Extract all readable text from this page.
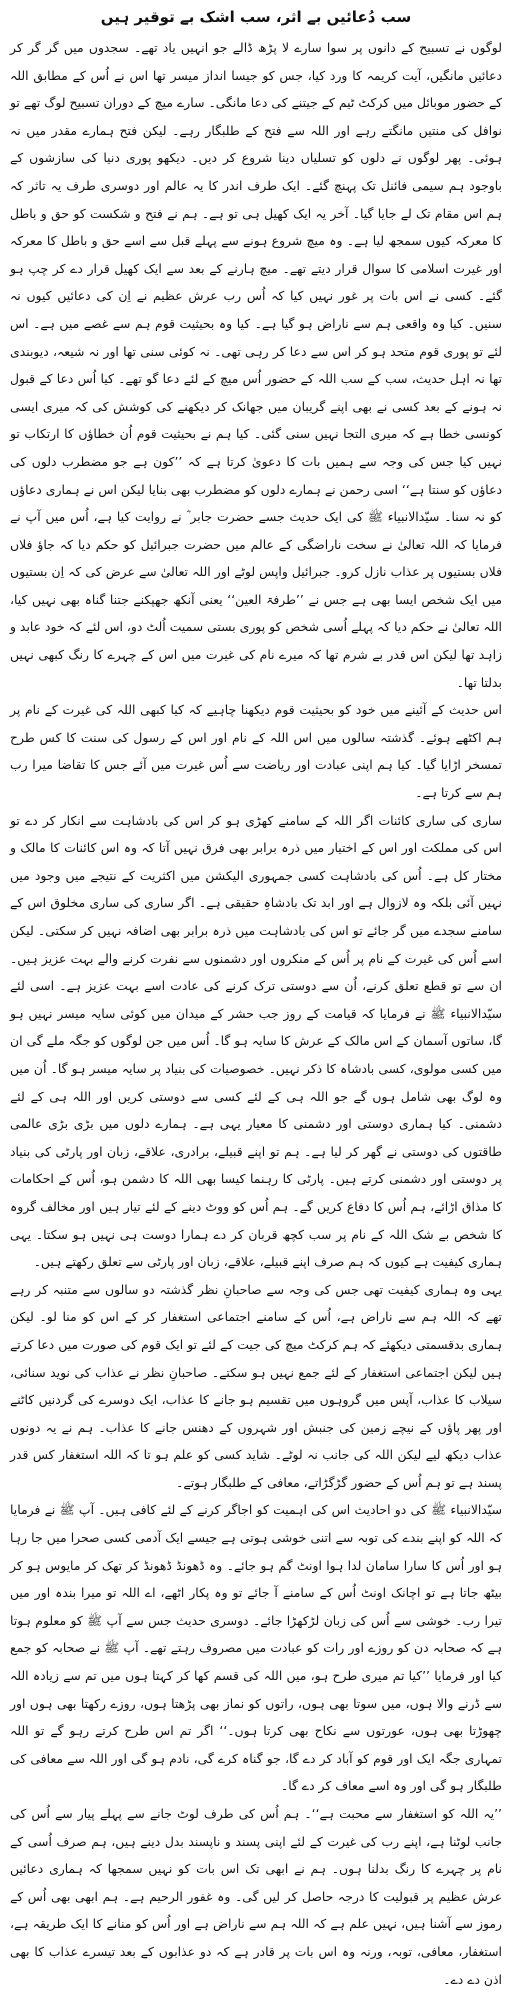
سب دُعائیں بے اثر، سب اشک بے توقیر ہیں

لوگوں نے تسبیح کے دانوں پر سوا سارے لا پڑھ ڈالے جو انہیں یاد تھے۔ سجدوں میں گر گر کر دعائیں مانگیں، آیت کریمہ کا ورد کیا، جس کو جیسا انداز میسر تھا اس نے اُس کے مطابق اللہ کے حضور موبائل میں کرکٹ ٹیم کے جیتنے کی دعا مانگی۔ سارے میچ کے دوران تسبیح لوگ تھے تو نوافل کی منتیں مانگتے رہے اور اللہ سے فتح کے طلبگار رہے۔ لیکن فتح ہمارے مقدر میں نہ ہوئی۔ پھر لوگوں نے دلوں کو تسلیاں دینا شروع کر دیں۔ دیکھو پوری دنیا کی سازشوں کے باوجود ہم سیمی فائنل تک پہنچ گئے۔ ایک طرف اندر کا یہ عالم اور دوسری طرف یہ تاثر کہ ہم اس مقام تک لے جایا گیا۔ آخر یہ ایک کھیل ہی تو ہے۔ ہم نے فتح و شکست کو حق و باطل کا معرکہ کیوں سمجھ لیا ہے۔ وہ میچ شروع ہونے سے پہلے قبل سے اسے حق و باطل کا معرکہ اور غیرت اسلامی کا سوال قرار دیتے تھے۔ میچ ہارنے کے بعد سے ایک کھیل قرار دے کر چپ ہو گئے۔ کسی نے اس بات پر غور نہیں کیا کہ اُس رب عرش عظیم نے اِن کی دعائیں کیوں نہ سنیں۔ کیا وہ واقعی ہم سے ناراض ہو گیا ہے۔ کیا وہ بحیثیت قوم ہم سے غصے میں ہے۔ اس لئے تو پوری قوم متحد ہو کر اس سے دعا کر رہی تھی۔ نہ کوئی سنی تھا اور نہ شیعہ، دیوبندی تھا نہ اہل حدیث، سب کے سب اللہ کے حضور اُس میچ کے لئے دعا گو تھے۔ کیا اُس دعا کے قبول نہ ہونے کے بعد کسی نے بھی اپنے گریبان میں جھانک کر دیکھنے کی کوشش کی کہ میری ایسی کونسی خطا ہے کہ میری التجا نہیں سنی گئی۔ کیا ہم نے بحیثیت قوم اُن خطاؤں کا ارتکاب تو نہیں کیا جس کی وجہ سے ہمیں بات کا دعویٰ کرتا ہے کہ ’’کون ہے جو مضطرب دلوں کی دعاؤں کو سنتا ہے‘‘ اسی رحمن نے ہمارے دلوں کو مضطرب بھی بنایا لیکن اس نے ہماری دعاؤں کو نہ سنا۔ سیّدالانبیاء ﷺ کی ایک حدیث جسے حضرت جابر ؓ نے روایت کیا ہے، اُس میں آپ نے فرمایا کہ اللہ تعالیٰ نے سخت ناراضگی کے عالم میں حضرت جبرائیل کو حکم دیا کہ جاؤ فلاں فلاں بستیوں پر عذاب نازل کرو۔ جبرائیل واپس لوٹے اور اللہ تعالیٰ سے عرض کی کہ اِن بستیوں میں ایک شخص ایسا بھی ہے جس نے ’’طرفۃ العین‘‘ یعنی آنکھ جھپکنے جتنا گناہ بھی نہیں کیا، اللہ تعالیٰ نے حکم دیا کہ پہلے اُسی شخص کو پوری بستی سمیت اُلٹ دو، اس لئے کہ خود عابد و زاہد تھا لیکن اس قدر بے شرم تھا کہ میرے نام کی غیرت میں اس کے چہرے کا رنگ کبھی نہیں بدلتا تھا۔

اس حدیث کے آئینے میں خود کو بحیثیت قوم دیکھنا چاہیے کہ کیا کبھی اللہ کی غیرت کے نام پر ہم اکٹھے ہوئے۔ گذشتہ سالوں میں اس اللہ کے نام اور اس کے رسول کی سنت کا کس طرح تمسخر اڑایا گیا۔ کیا ہم اپنی عبادت اور ریاضت سے اُس غیرت میں آئے جس کا تقاضا میرا رب ہم سے کرتا ہے۔

ساری کی ساری کائنات اگر اللہ کے سامنے کھڑی ہو کر اس کی بادشاہت سے انکار کر دے تو اس کی مملکت اور اس کے اختیار میں ذرہ برابر بھی فرق نہیں آتا کہ وہ اس کائنات کا مالک و مختار کل ہے۔ اُس کی بادشاہت کسی جمہوری الیکشن میں اکثریت کے نتیجے میں وجود میں نہیں آئی بلکہ وہ لازوال ہے اور ابد تک بادشاہِ حقیقی ہے۔ اگر ساری کی ساری مخلوق اس کے سامنے سجدے میں گر جائے تو اس کی بادشاہت میں ذرہ برابر بھی اضافہ نہیں کر سکتی۔ لیکن اسے اُس کی غیرت کے نام پر اُس کے منکروں اور دشمنوں سے نفرت کرنے والے بہت عزیز ہیں۔ ان سے تو قطع تعلق کرنے، اُن سے دوستی ترک کرنے کی عادت اسے بہت عزیز ہے۔ اسی لئے سیّدالانبیاء ﷺ نے فرمایا کہ قیامت کے روز جب حشر کے میدان میں کوئی سایہ میسر نہیں ہو گا، ساتوں آسمان کے اس مالک کے عرش کا سایہ ہو گا۔ اُس میں جن لوگوں کو جگہ ملے گی ان میں کسی مولوی، کسی بادشاہ کا ذکر نہیں۔ خصوصیات کی بنیاد پر سایہ میسر ہو گا۔ اُن میں وہ لوگ بھی شامل ہوں گے جو اللہ ہی کے لئے کسی سے دوستی کریں اور اللہ ہی کے لئے دشمنی۔ کیا ہماری دوستی اور دشمنی کا معیار یہی ہے۔ ہمارے دلوں میں بڑی بڑی عالمی طاقتوں کی دوستی نے گھر کر لیا ہے۔ ہم تو اپنے قبیلے، برادری، علاقے، زبان اور پارٹی کی بنیاد پر دوستی اور دشمنی کرتے ہیں۔ پارٹی کا رہنما کیسا بھی اللہ کا دشمن ہو، اُس کے احکامات کا مذاق اڑائے، ہم اُس کا دفاع کریں گے۔ ہم اُس کو ووٹ دینے کے لئے تیار ہیں اور مخالف گروہ کا شخص بے شک اللہ کے نام پر سب کچھ قربان کر دے ہمارا دوست ہی نہیں ہو سکتا۔ یہی ہماری کیفیت ہے کیوں کہ ہم صرف اپنے قبیلے، علاقے، زبان اور پارٹی سے تعلق رکھتے ہیں۔

یہی وہ ہماری کیفیت تھی جس کی وجہ سے صاحبانِ نظر گذشتہ دو سالوں سے متنبہ کر رہے تھے کہ اللہ ہم سے ناراض ہے، اُس کے سامنے اجتماعی استغفار کر کے اس کو منا لو۔ لیکن ہماری بدقسمتی دیکھئے کہ ہم کرکٹ میچ کی جیت کے لئے تو ایک قوم کی صورت میں دعا کرتے ہیں لیکن اجتماعی استغفار کے لئے جمع نہیں ہو سکتے۔ صاحبانِ نظر نے عذاب کی نوید سنائی، سیلاب کا عذاب، آپس میں گروہوں میں تقسیم ہو جانے کا عذاب، ایک دوسرے کی گردنیں کاٹنے اور پھر پاؤں کے نیچے زمین کی جنبش اور شہروں کے دھنس جانے کا عذاب۔ ہم نے یہ دونوں عذاب دیکھ لیے لیکن اللہ کی جانب نہ لوٹے۔ شاید کسی کو علم ہو تا کہ اللہ استغفار کس قدر پسند ہے تو ہم اُس کے حضور گڑگڑاتے، معافی کے طلبگار ہوتے۔

سیّدالانبیاء ﷺ کی دو احادیث اس کی اہمیت کو اجاگر کرنے کے لئے کافی ہیں۔ آپ ﷺ نے فرمایا کہ اللہ کو اپنے بندے کی توبہ سے اتنی خوشی ہوتی ہے جیسے ایک آدمی کسی صحرا میں جا رہا ہو اور اُس کا سارا سامان لدا ہوا اونٹ گم ہو جائے۔ وہ ڈھونڈ ڈھونڈ کر تھک کر مایوس ہو کر بیٹھ جاتا ہے تو اچانک اونٹ اُس کے سامنے آ جائے تو وہ پکار اٹھے، اے اللہ تو میرا بندہ اور میں تیرا رب۔ خوشی سے اُس کی زبان لڑکھڑا جائے۔ دوسری حدیث جس سے آپ ﷺ کو معلوم ہوتا ہے کہ صحابہ دن کو روزے اور رات کو عبادت میں مصروف رہتے تھے۔ آپ ﷺ نے صحابہ کو جمع کیا اور فرمایا ’’کیا تم میری طرح ہو، میں اللہ کی قسم کھا کر کہتا ہوں میں تم سے زیادہ اللہ سے ڈرنے والا ہوں، میں سوتا بھی ہوں، راتوں کو نماز بھی پڑھتا ہوں، روزے رکھتا بھی ہوں اور چھوڑتا بھی ہوں، عورتوں سے نکاح بھی کرتا ہوں۔‘‘ اگر تم اس طرح کرتے رہو گے تو اللہ تمہاری جگہ ایک اور قوم کو آباد کر دے گا، جو گناہ کرے گی، نادم ہو گی اور اللہ سے معافی کی طلبگار ہو گی اور وہ اسے معاف کر دے گا۔

’’یہ اللہ کو استغفار سے محبت ہے‘‘۔ ہم اُس کی طرف لوٹ جانے سے پہلے پیار سے اُس کی جانب لوٹنا ہے، اپنے رب کی غیرت کے لئے اپنی پسند و ناپسند بدل دینے ہیں، ہم صرف اُسی کے نام پر چہرے کا رنگ بدلنا ہوں۔ ہم نے ابھی تک اس بات کو نہیں سمجھا کہ ہماری دعائیں عرش عظیم پر قبولیت کا درجہ حاصل کر لیں گی۔ وہ غفور الرحیم ہے۔ ہم ابھی بھی اُس کے رموز سے آشنا ہیں، نہیں علم ہے کہ اللہ ہم سے ناراض ہے اور اُس کو منانے کا ایک طریقہ ہے، استغفار، معافی، توبہ، ورنہ وہ اس بات پر قادر ہے کہ دو عذابوں کے بعد تیسرے عذاب کا بھی اذن دے دے۔
